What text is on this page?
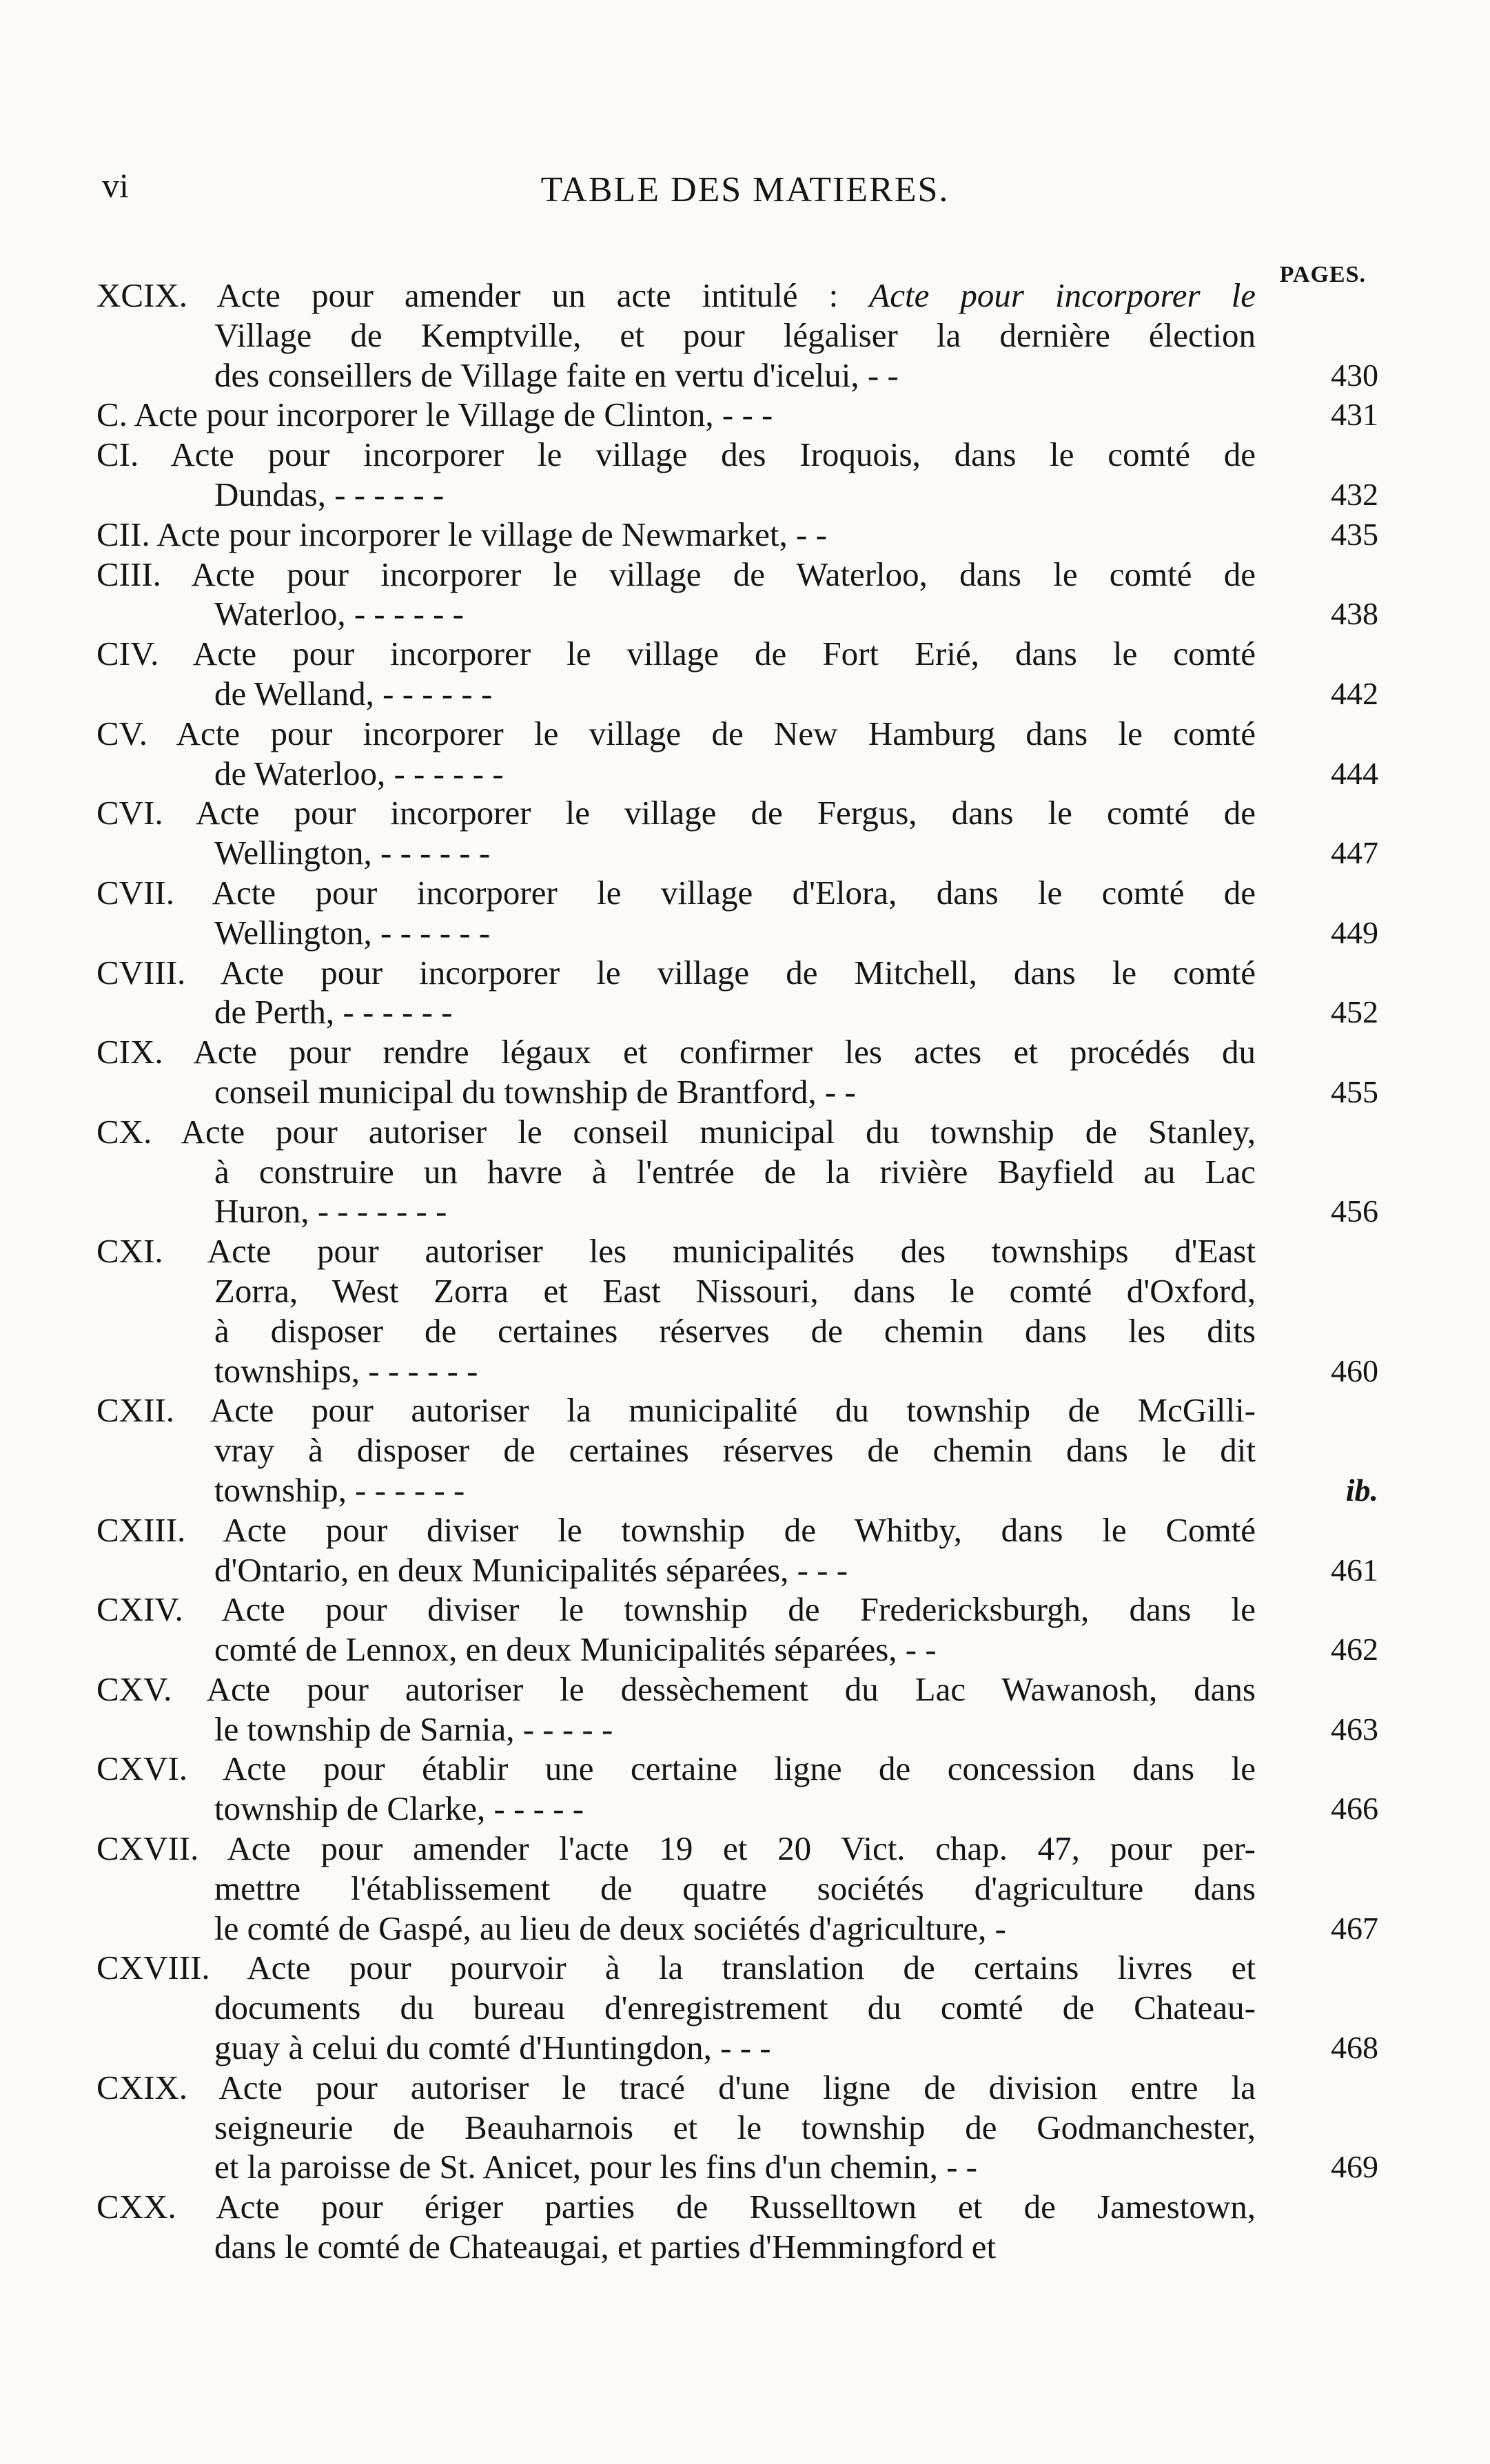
vi	TABLE DES MATIERES.
PAGES.
XCIX. Acte pour amender un acte intitulé : Acte pour incorporer le
Village de Kemptville, et pour légaliser la dernière élection
des conseillers de Village faite en vertu d'icelui, - -	430
C. Acte pour incorporer le Village de Clinton, - - -	431
CI. Acte pour incorporer le village des Iroquois, dans le comté de
Dundas, - - - - - -	432
CII. Acte pour incorporer le village de Newmarket, - -	435
CIII. Acte pour incorporer le village de Waterloo, dans le comté de
Waterloo, - - - - - -	438
CIV. Acte pour incorporer le village de Fort Erié, dans le comté
de Welland, - - - - - -	442
CV. Acte pour incorporer le village de New Hamburg dans le comté
de Waterloo, - - - - - -	444
CVI. Acte pour incorporer le village de Fergus, dans le comté de
Wellington, - - - - - -	447
CVII. Acte pour incorporer le village d'Elora, dans le comté de
Wellington, - - - - - -	449
CVIII. Acte pour incorporer le village de Mitchell, dans le comté
de Perth, - - - - - -	452
CIX. Acte pour rendre légaux et confirmer les actes et procédés du
conseil municipal du township de Brantford, - -	455
CX. Acte pour autoriser le conseil municipal du township de Stanley,
à construire un havre à l'entrée de la rivière Bayfield au Lac
Huron, - - - - - - -	456
CXI. Acte pour autoriser les municipalités des townships d'East
Zorra, West Zorra et East Nissouri, dans le comté d'Oxford,
à disposer de certaines réserves de chemin dans les dits
townships, - - - - - -	460
CXII. Acte pour autoriser la municipalité du township de McGilli-
vray à disposer de certaines réserves de chemin dans le dit
township, - - - - - -	ib.
CXIII. Acte pour diviser le township de Whitby, dans le Comté
d'Ontario, en deux Municipalités séparées, - - -	461
CXIV. Acte pour diviser le township de Fredericksburgh, dans le
comté de Lennox, en deux Municipalités séparées, - -	462
CXV. Acte pour autoriser le dessèchement du Lac Wawanosh, dans
le township de Sarnia, - - - - -	463
CXVI. Acte pour établir une certaine ligne de concession dans le
township de Clarke, - - - - -	466
CXVII. Acte pour amender l'acte 19 et 20 Vict. chap. 47, pour per-
mettre l'établissement de quatre sociétés d'agriculture dans
le comté de Gaspé, au lieu de deux sociétés d'agriculture, -	467
CXVIII. Acte pour pourvoir à la translation de certains livres et
documents du bureau d'enregistrement du comté de Chateau-
guay à celui du comté d'Huntingdon, - - -	468
CXIX. Acte pour autoriser le tracé d'une ligne de division entre la
seigneurie de Beauharnois et le township de Godmanchester,
et la paroisse de St. Anicet, pour les fins d'un chemin, - -	469
CXX. Acte pour ériger parties de Russelltown et de Jamestown,
dans le comté de Chateaugai, et parties d'Hemmingford et
